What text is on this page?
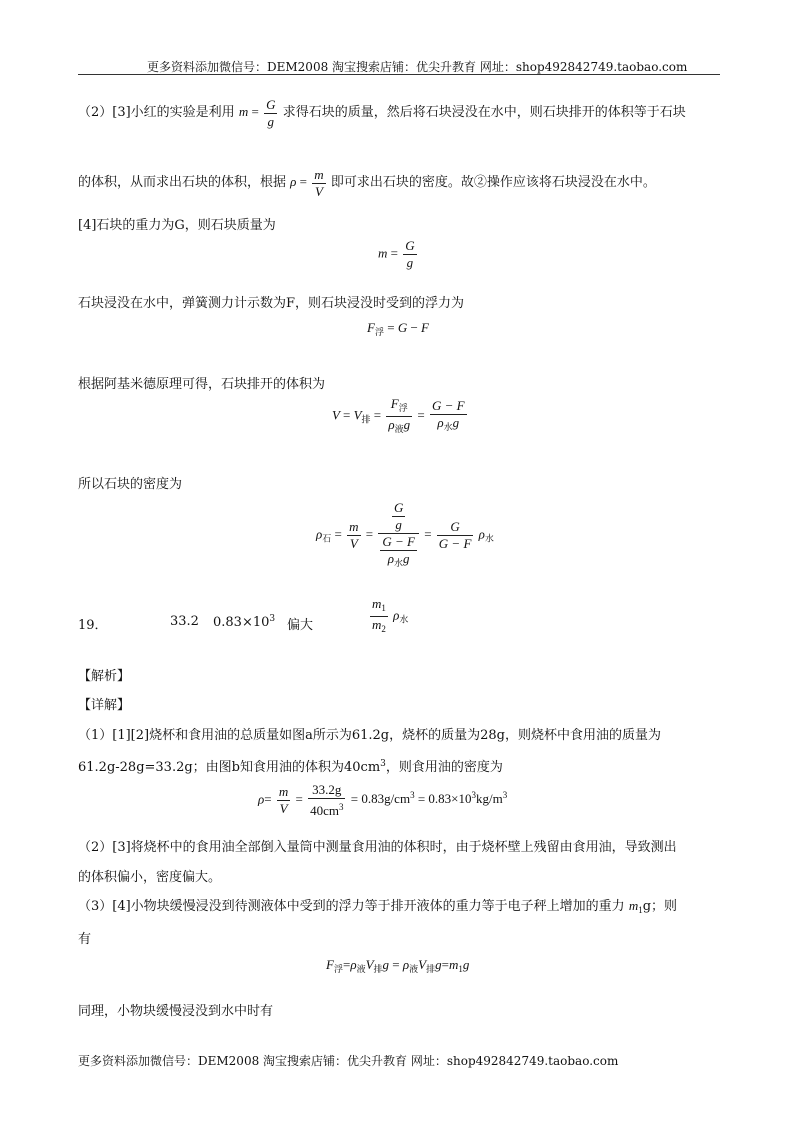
更多资料添加微信号：DEM2008 淘宝搜索店铺：优尖升教育 网址：shop492842749.taobao.com
（2）[3]小红的实验是利用 $m = \frac{G}{g}$ 求得石块的质量，然后将石块浸没在水中，则石块排开的体积等于石块
的体积，从而求出石块的体积，根据 $\rho = \frac{m}{V}$ 即可求出石块的密度。故②操作应该将石块浸没在水中。
[4]石块的重力为G，则石块质量为
$m = \frac{G}{g}$
石块浸没在水中，弹簧测力计示数为F，则石块浸没时受到的浮力为
$F_浮 = G - F$
根据阿基米德原理可得，石块排开的体积为
$V = V_排 = \frac{F_浮}{\rho_液g} = \frac{G - F}{\rho_水g}$
所以石块的密度为
$\rho_石 = \frac{m}{V} = \frac{\frac{G}{g}}{\frac{G - F}{\rho_水g}} = \frac{G}{G - F} \rho_水$
19．	33.2 $0.83\times 10^3$ 偏大	$\frac{m_1}{m_2} \rho_水$
【解析】
【详解】
（1）[1][2]烧杯和食用油的总质量如图a所示为61.2g，烧杯的质量为28g，则烧杯中食用油的质量为
61.2g-28g=33.2g；由图b知食用油的体积为$40cm^3$，则食用油的密度为
$\rho= \frac{m}{V} = \frac{33.2g}{40cm^3} = 0.83g/cm^3 = 0.83\times 10^3kg/m^3$
（2）[3]将烧杯中的食用油全部倒入量筒中测量食用油的体积时，由于烧杯壁上残留由食用油，导致测出
的体积偏小，密度偏大。
（3）[4]小物块缓慢浸没到待测液体中受到的浮力等于排开液体的重力等于电子秤上增加的重力 $m_1g$；则
有
$F_浮=\rho_液V_排g = \rho_液V_排g=m_1g$
同理，小物块缓慢浸没到水中时有
更多资料添加微信号：DEM2008 淘宝搜索店铺：优尖升教育 网址：shop492842749.taobao.com
